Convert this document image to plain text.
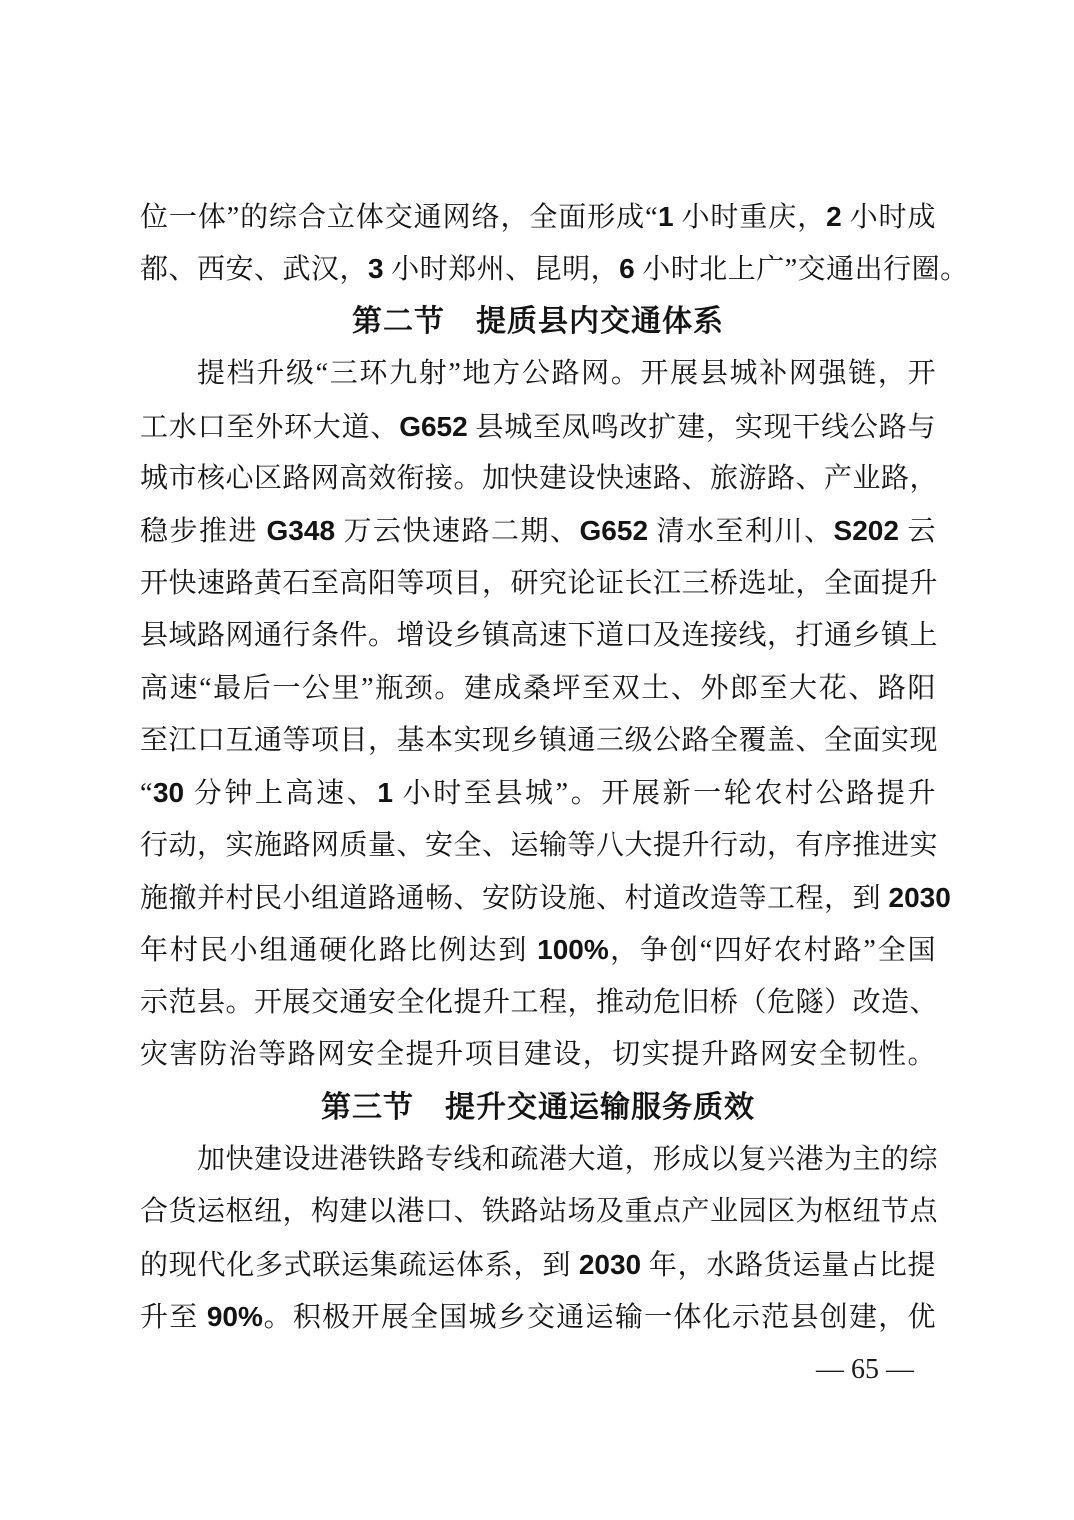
位一体”的综合立体交通网络，全面形成“1 小时重庆，2 小时成
都、西安、武汉，3 小时郑州、昆明，6 小时北上广”交通出行圈。
第二节　提质县内交通体系
提档升级“三环九射”地方公路网。开展县城补网强链，开
工水口至外环大道、G652 县城至凤鸣改扩建，实现干线公路与
城市核心区路网高效衔接。加快建设快速路、旅游路、产业路，
稳步推进 G348 万云快速路二期、G652 清水至利川、S202 云
开快速路黄石至高阳等项目，研究论证长江三桥选址，全面提升
县域路网通行条件。增设乡镇高速下道口及连接线，打通乡镇上
高速“最后一公里”瓶颈。建成桑坪至双土、外郎至大花、路阳
至江口互通等项目，基本实现乡镇通三级公路全覆盖、全面实现
“30 分钟上高速、1 小时至县城”。开展新一轮农村公路提升
行动，实施路网质量、安全、运输等八大提升行动，有序推进实
施撤并村民小组道路通畅、安防设施、村道改造等工程，到 2030
年村民小组通硬化路比例达到 100%，争创“四好农村路”全国
示范县。开展交通安全化提升工程，推动危旧桥（危隧）改造、
灾害防治等路网安全提升项目建设，切实提升路网安全韧性。
第三节　提升交通运输服务质效
加快建设进港铁路专线和疏港大道，形成以复兴港为主的综
合货运枢纽，构建以港口、铁路站场及重点产业园区为枢纽节点
的现代化多式联运集疏运体系，到 2030 年，水路货运量占比提
升至 90%。积极开展全国城乡交通运输一体化示范县创建，优
— 65 —
